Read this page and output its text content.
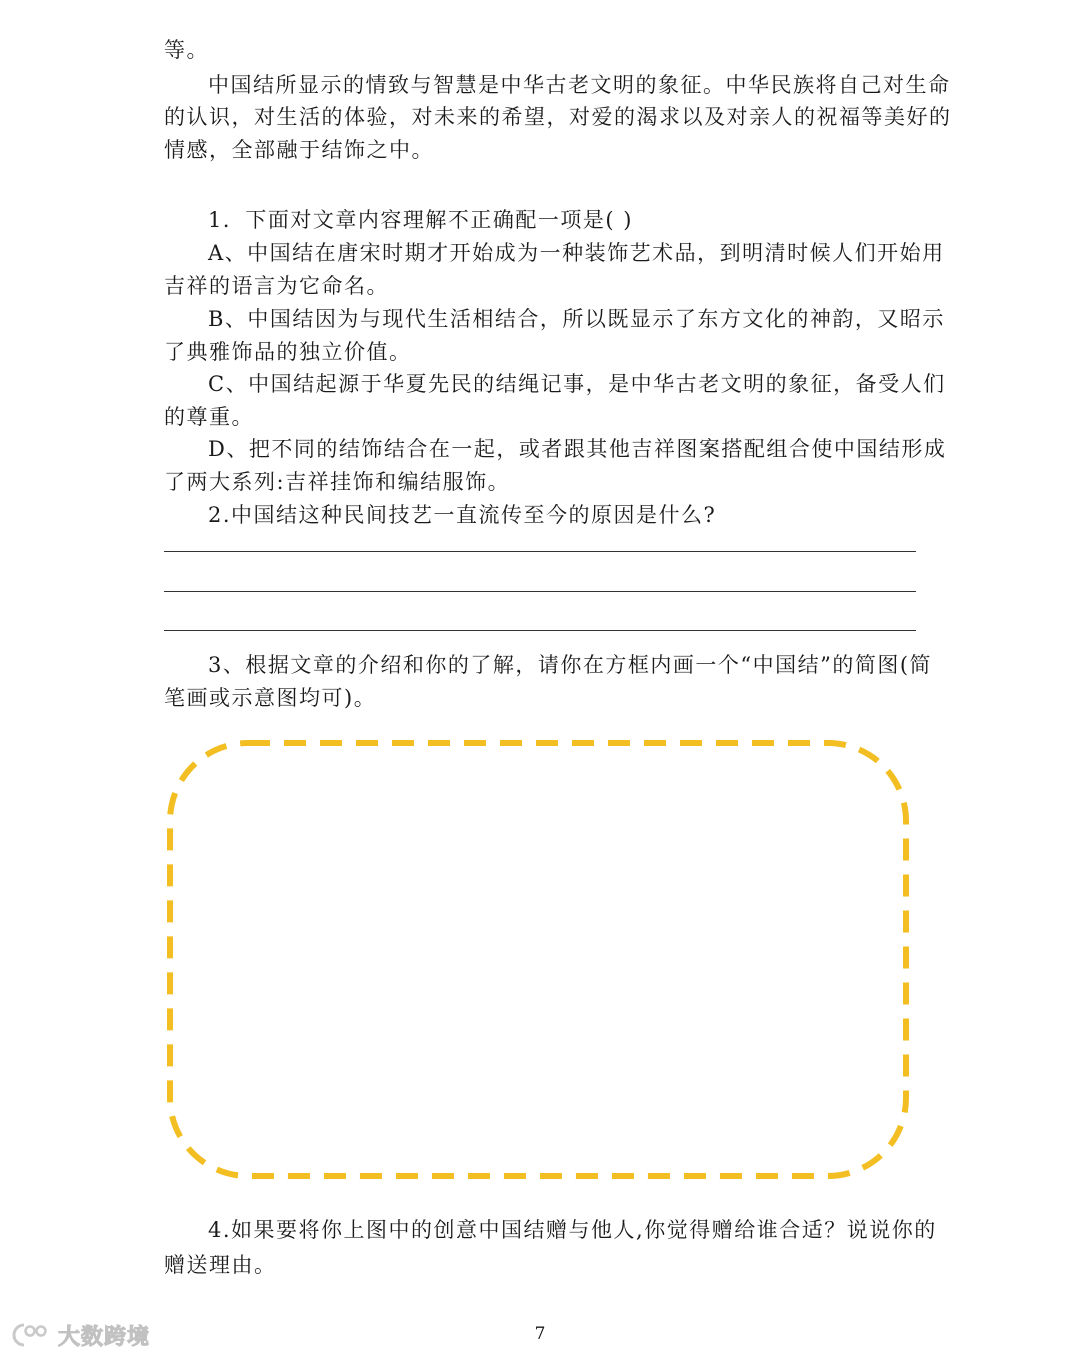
等。
中国结所显示的情致与智慧是中华古老文明的象征。中华民族将自己对生命
的认识，对生活的体验，对未来的希望，对爱的渴求以及对亲人的祝福等美好的
情感，全部融于结饰之中。
1．下面对文章内容理解不正确配一项是( )
A、中国结在唐宋时期才开始成为一种装饰艺术品，到明清时候人们开始用
吉祥的语言为它命名。
B、中国结因为与现代生活相结合，所以既显示了东方文化的神韵，又昭示
了典雅饰品的独立价值。
C、中国结起源于华夏先民的结绳记事，是中华古老文明的象征，备受人们
的尊重。
D、把不同的结饰结合在一起，或者跟其他吉祥图案搭配组合使中国结形成
了两大系列:吉祥挂饰和编结服饰。
2.中国结这种民间技艺一直流传至今的原因是什么?
3、根据文章的介绍和你的了解，请你在方框内画一个“中国结”的简图(简
笔画或示意图均可)。
4.如果要将你上图中的创意中国结赠与他人,你觉得赠给谁合适？说说你的
赠送理由。
7
大数跨境
